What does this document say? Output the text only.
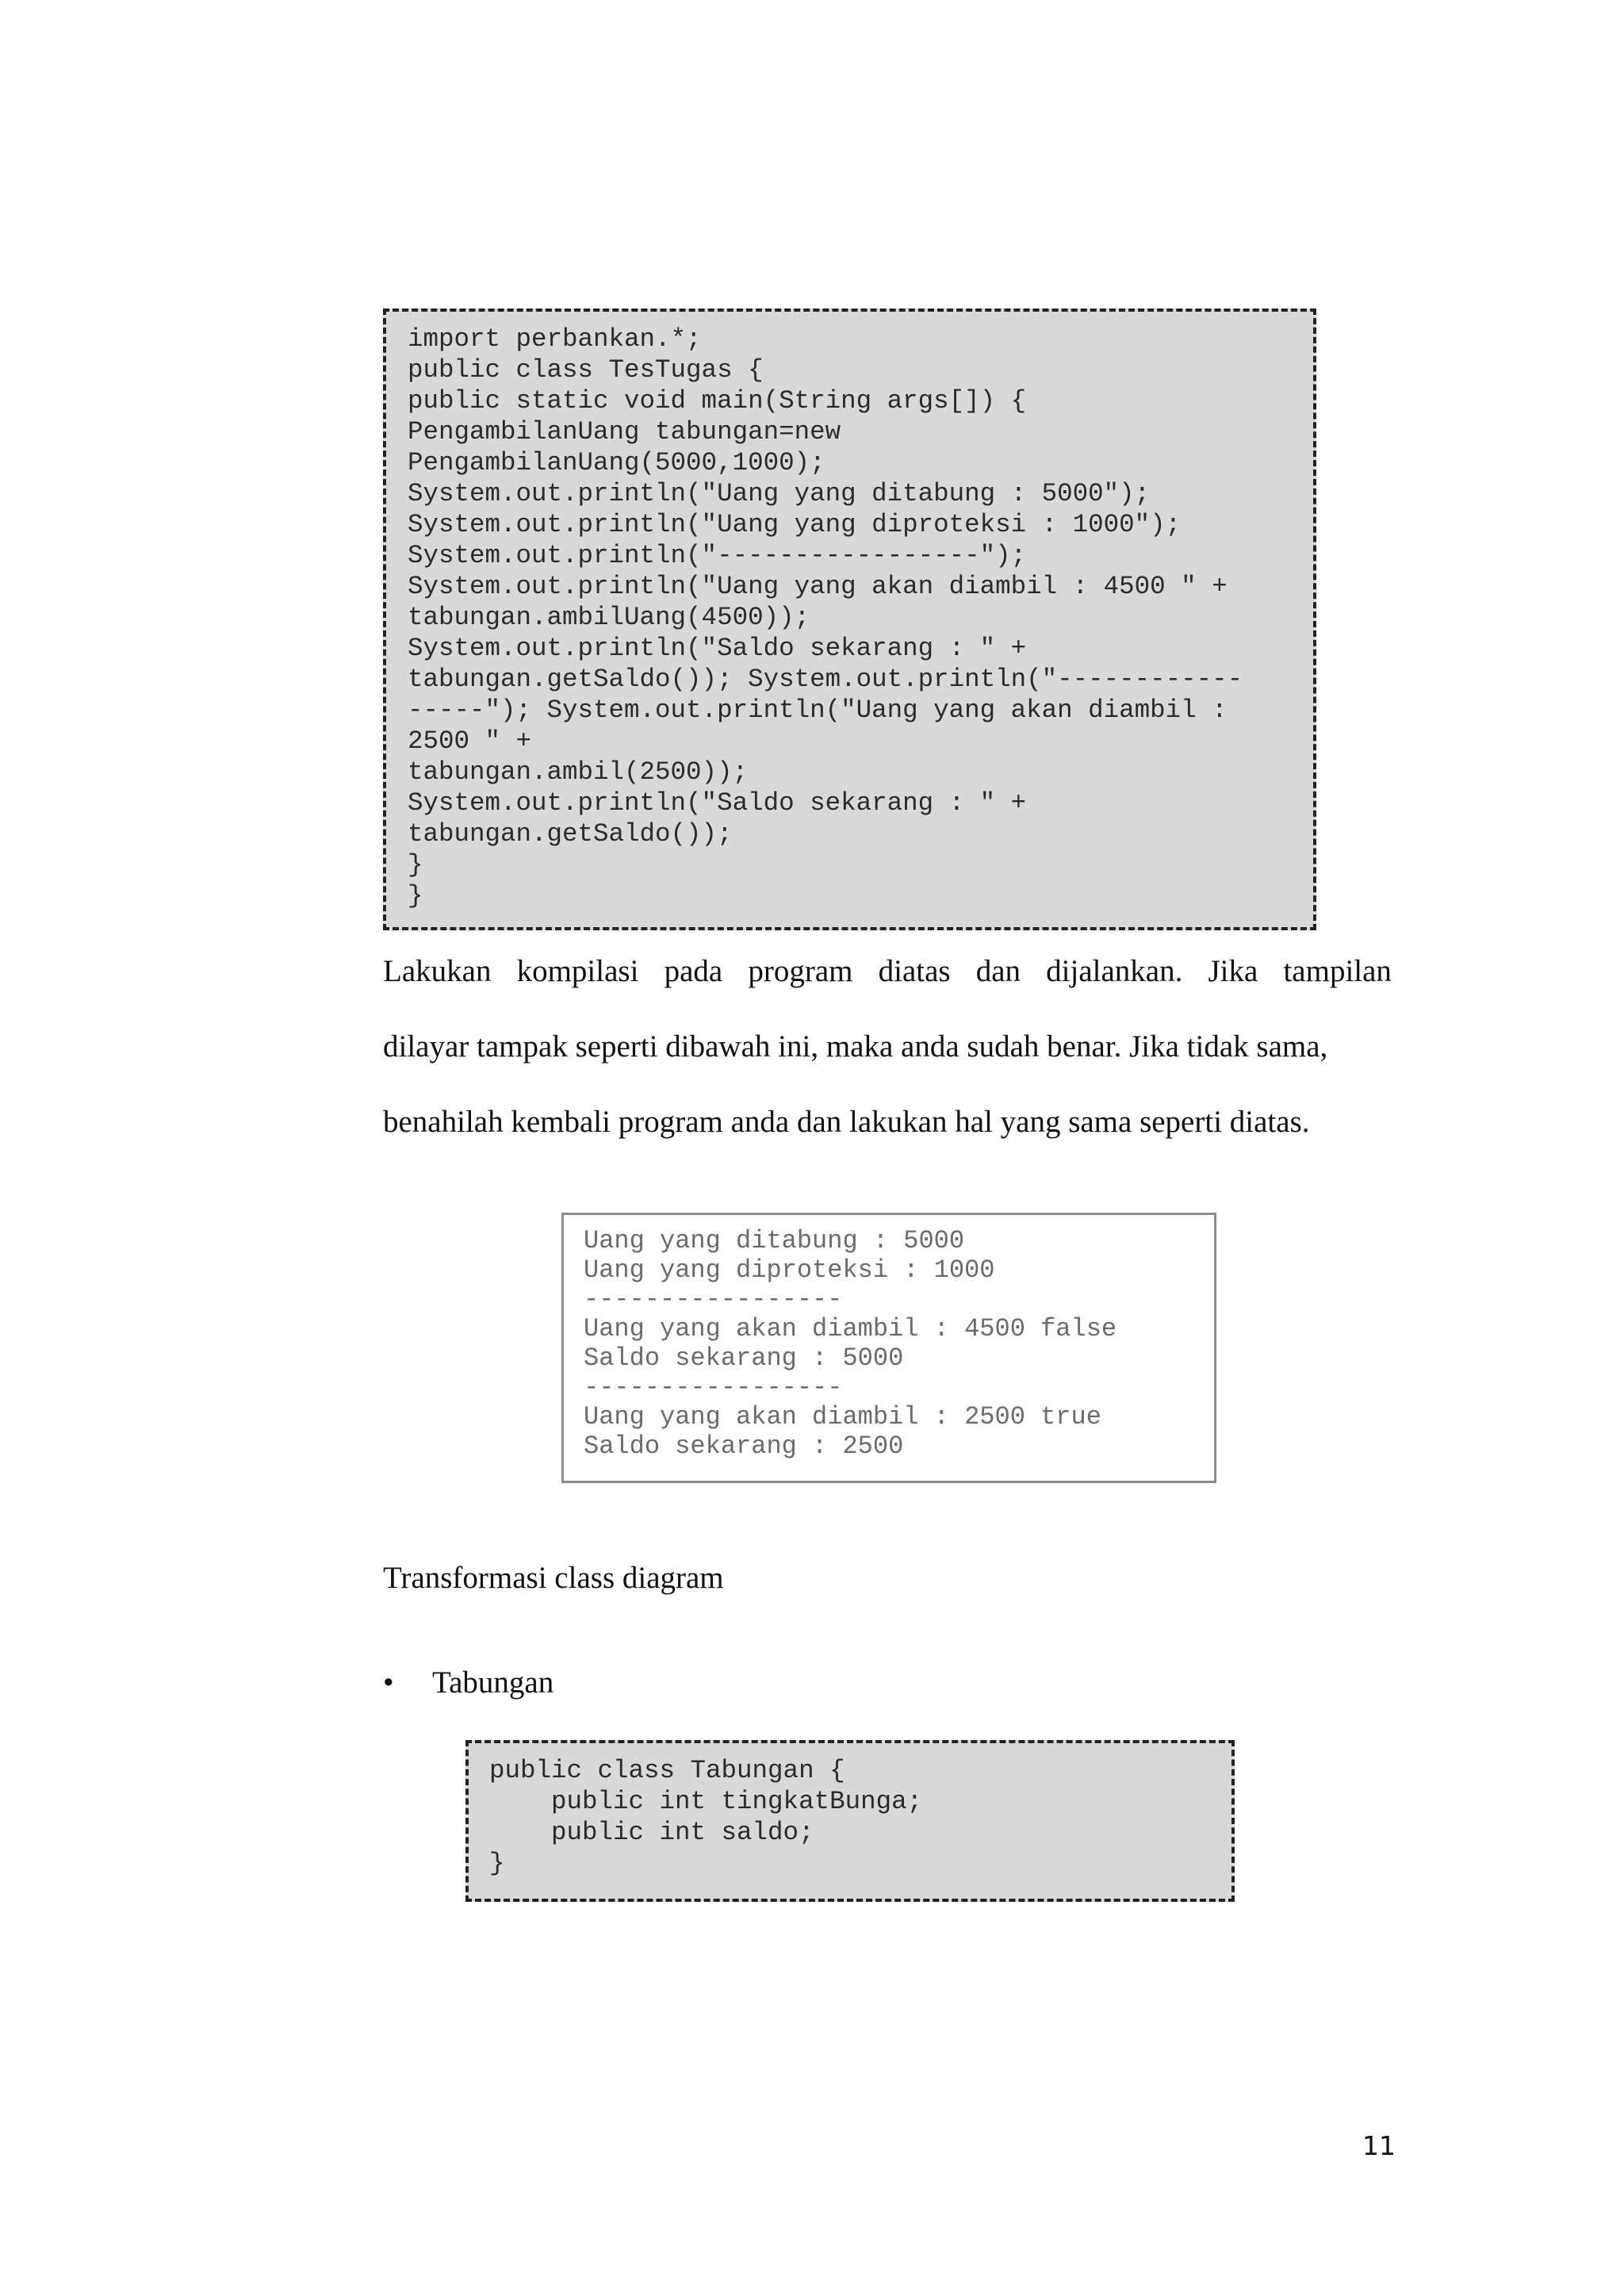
import perbankan.*;
public class TesTugas {
public static void main(String args[]) {
PengambilanUang tabungan=new
PengambilanUang(5000,1000);
System.out.println("Uang yang ditabung : 5000");
System.out.println("Uang yang diproteksi : 1000");
System.out.println("-----------------");
System.out.println("Uang yang akan diambil : 4500 " +
tabungan.ambilUang(4500));
System.out.println("Saldo sekarang : " +
tabungan.getSaldo()); System.out.println("------------
-----"); System.out.println("Uang yang akan diambil :
2500 " +
tabungan.ambil(2500));
System.out.println("Saldo sekarang : " +
tabungan.getSaldo());
}
}
Lakukan kompilasi pada program diatas dan dijalankan. Jika tampilan
dilayar tampak seperti dibawah ini, maka anda sudah benar. Jika tidak sama,
benahilah kembali program anda dan lakukan hal yang sama seperti diatas.
Uang yang ditabung : 5000
Uang yang diproteksi : 1000
-----------------
Uang yang akan diambil : 4500 false
Saldo sekarang : 5000
-----------------
Uang yang akan diambil : 2500 true
Saldo sekarang : 2500
Transformasi class diagram
• Tabungan
public class Tabungan {
public int tingkatBunga;
public int saldo;
}
11
